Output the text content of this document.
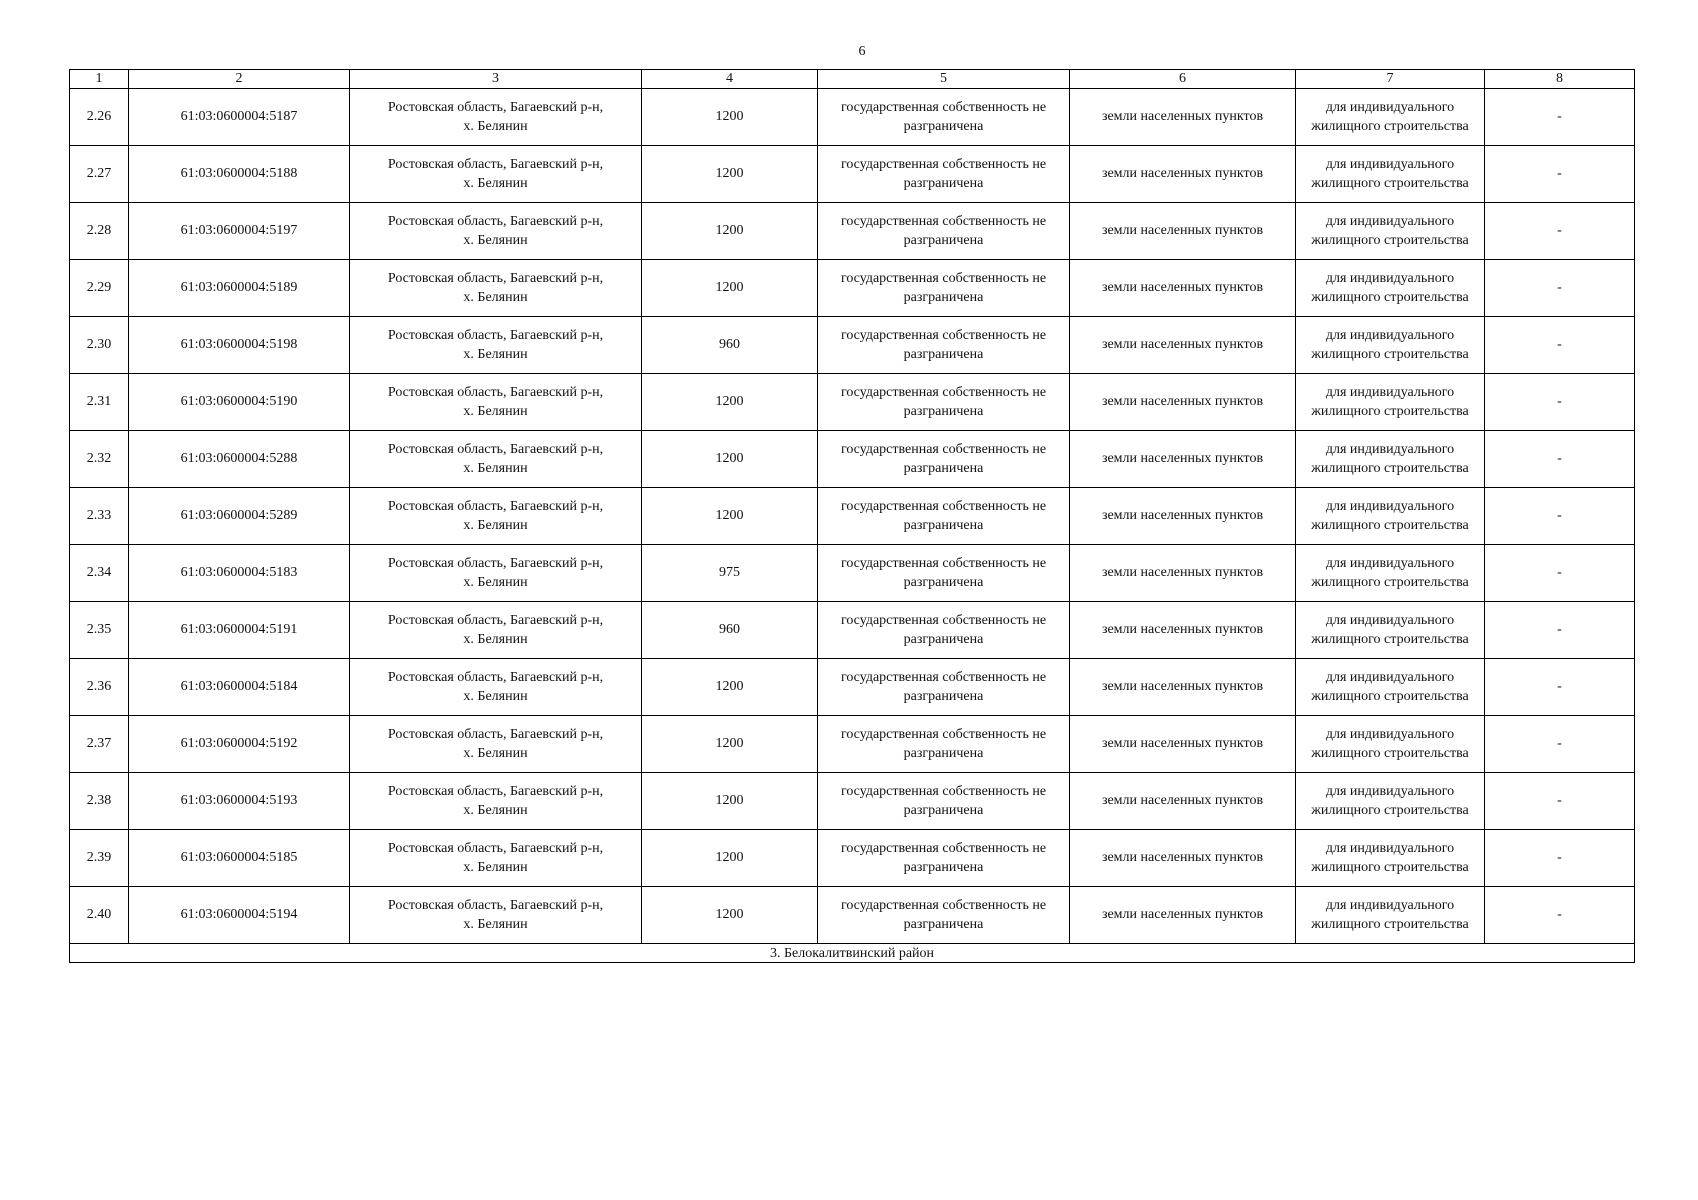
6
1	2	3	4	5	6	7	8
2.26	61:03:0600004:5187	Ростовская область, Багаевский р-н,
х. Белянин	1200	государственная собственность не
разграничена	земли населенных пунктов	для индивидуального
жилищного строительства	-
2.27	61:03:0600004:5188	Ростовская область, Багаевский р-н,
х. Белянин	1200	государственная собственность не
разграничена	земли населенных пунктов	для индивидуального
жилищного строительства	-
2.28	61:03:0600004:5197	Ростовская область, Багаевский р-н,
х. Белянин	1200	государственная собственность не
разграничена	земли населенных пунктов	для индивидуального
жилищного строительства	-
2.29	61:03:0600004:5189	Ростовская область, Багаевский р-н,
х. Белянин	1200	государственная собственность не
разграничена	земли населенных пунктов	для индивидуального
жилищного строительства	-
2.30	61:03:0600004:5198	Ростовская область, Багаевский р-н,
х. Белянин	960	государственная собственность не
разграничена	земли населенных пунктов	для индивидуального
жилищного строительства	-
2.31	61:03:0600004:5190	Ростовская область, Багаевский р-н,
х. Белянин	1200	государственная собственность не
разграничена	земли населенных пунктов	для индивидуального
жилищного строительства	-
2.32	61:03:0600004:5288	Ростовская область, Багаевский р-н,
х. Белянин	1200	государственная собственность не
разграничена	земли населенных пунктов	для индивидуального
жилищного строительства	-
2.33	61:03:0600004:5289	Ростовская область, Багаевский р-н,
х. Белянин	1200	государственная собственность не
разграничена	земли населенных пунктов	для индивидуального
жилищного строительства	-
2.34	61:03:0600004:5183	Ростовская область, Багаевский р-н,
х. Белянин	975	государственная собственность не
разграничена	земли населенных пунктов	для индивидуального
жилищного строительства	-
2.35	61:03:0600004:5191	Ростовская область, Багаевский р-н,
х. Белянин	960	государственная собственность не
разграничена	земли населенных пунктов	для индивидуального
жилищного строительства	-
2.36	61:03:0600004:5184	Ростовская область, Багаевский р-н,
х. Белянин	1200	государственная собственность не
разграничена	земли населенных пунктов	для индивидуального
жилищного строительства	-
2.37	61:03:0600004:5192	Ростовская область, Багаевский р-н,
х. Белянин	1200	государственная собственность не
разграничена	земли населенных пунктов	для индивидуального
жилищного строительства	-
2.38	61:03:0600004:5193	Ростовская область, Багаевский р-н,
х. Белянин	1200	государственная собственность не
разграничена	земли населенных пунктов	для индивидуального
жилищного строительства	-
2.39	61:03:0600004:5185	Ростовская область, Багаевский р-н,
х. Белянин	1200	государственная собственность не
разграничена	земли населенных пунктов	для индивидуального
жилищного строительства	-
2.40	61:03:0600004:5194	Ростовская область, Багаевский р-н,
х. Белянин	1200	государственная собственность не
разграничена	земли населенных пунктов	для индивидуального
жилищного строительства	-
3. Белокалитвинский район							
